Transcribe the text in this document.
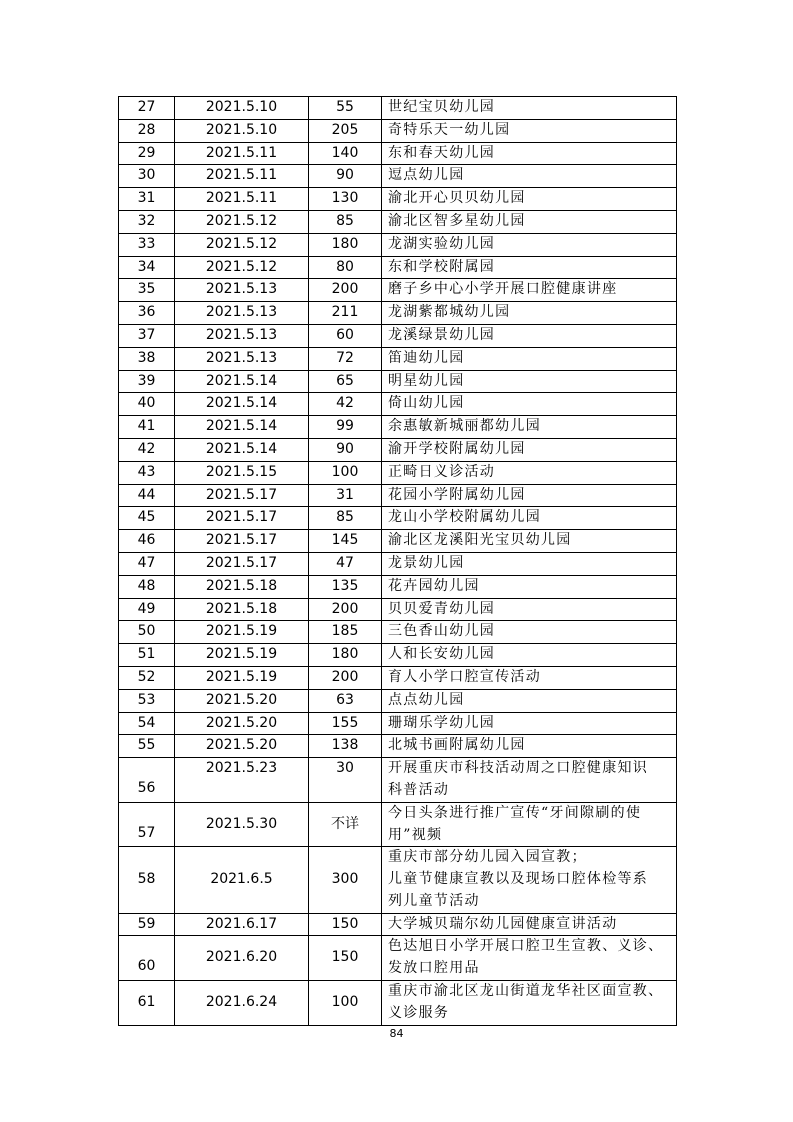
27	2021.5.10	55	世纪宝贝幼儿园

28	2021.5.10	205	奇特乐天一幼儿园

29	2021.5.11	140	东和春天幼儿园

30	2021.5.11	90	逗点幼儿园

31	2021.5.11	130	渝北开心贝贝幼儿园

32	2021.5.12	85	渝北区智多星幼儿园

33	2021.5.12	180	龙湖实验幼儿园

34	2021.5.12	80	东和学校附属园

35	2021.5.13	200	磨子乡中心小学开展口腔健康讲座

36	2021.5.13	211	龙湖紫都城幼儿园

37	2021.5.13	60	龙溪绿景幼儿园

38	2021.5.13	72	笛迪幼儿园

39	2021.5.14	65	明星幼儿园

40	2021.5.14	42	倚山幼儿园

41	2021.5.14	99	余惠敏新城丽都幼儿园

42	2021.5.14	90	渝开学校附属幼儿园

43	2021.5.15	100	正畸日义诊活动

44	2021.5.17	31	花园小学附属幼儿园

45	2021.5.17	85	龙山小学校附属幼儿园

46	2021.5.17	145	渝北区龙溪阳光宝贝幼儿园

47	2021.5.17	47	龙景幼儿园

48	2021.5.18	135	花卉园幼儿园

49	2021.5.18	200	贝贝爱青幼儿园

50	2021.5.19	185	三色香山幼儿园

51	2021.5.19	180	人和长安幼儿园

52	2021.5.19	200	育人小学口腔宣传活动

53	2021.5.20	63	点点幼儿园

54	2021.5.20	155	珊瑚乐学幼儿园

55	2021.5.20	138	北城书画附属幼儿园

56	2021.5.23	30	开展重庆市科技活动周之口腔健康知识
科普活动

57	2021.5.30	不详	今日头条进行推广宣传“牙间隙刷的使
用”视频

58	2021.6.5	300	重庆市部分幼儿园入园宣教；
儿童节健康宣教以及现场口腔体检等系
列儿童节活动

59	2021.6.17	150	大学城贝瑞尔幼儿园健康宣讲活动

60	2021.6.20	150	色达旭日小学开展口腔卫生宣教、义诊、
发放口腔用品

61	2021.6.24	100	重庆市渝北区龙山街道龙华社区面宣教、
义诊服务
84
